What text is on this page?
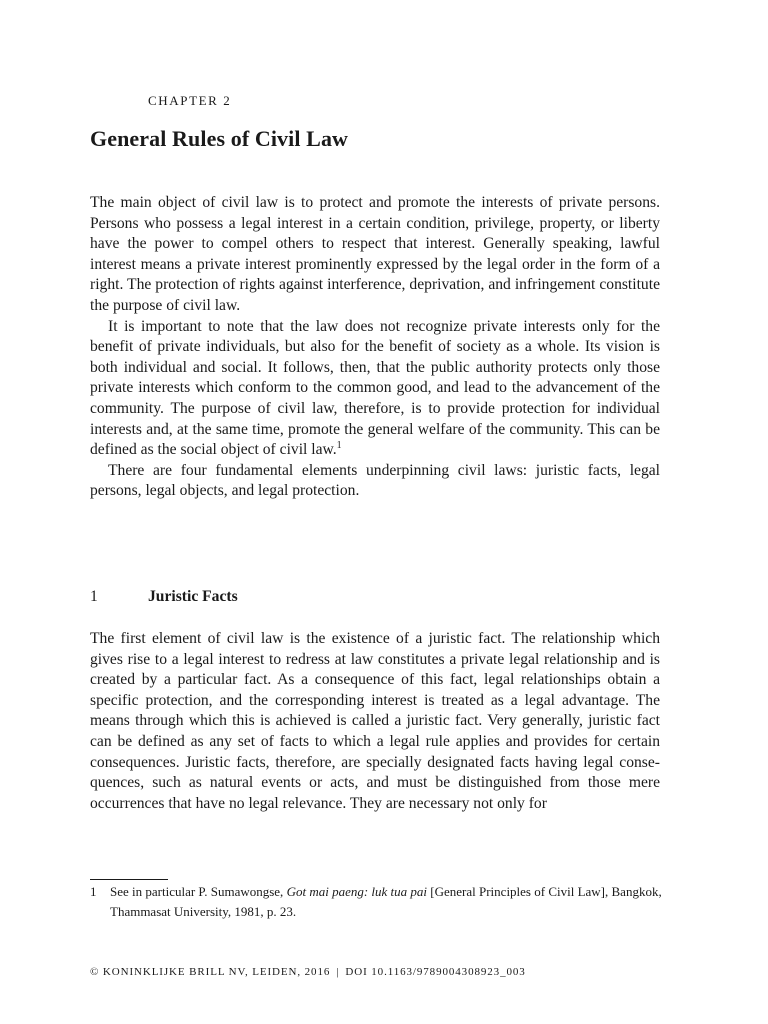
CHAPTER 2
General Rules of Civil Law

The main object of civil law is to protect and promote the interests of private persons. Persons who possess a legal interest in a certain condition, privilege, property, or liberty have the power to compel others to respect that interest. Generally speaking, lawful interest means a private interest prominently expressed by the legal order in the form of a right. The protection of rights against interference, deprivation, and infringement constitute the purpose of civil law.

It is important to note that the law does not recognize private interests only for the benefit of private individuals, but also for the benefit of society as a whole. Its vision is both individual and social. It follows, then, that the public authority protects only those private interests which conform to the common good, and lead to the advancement of the community. The purpose of civil law, therefore, is to provide protection for individual interests and, at the same time, promote the general welfare of the community. This can be defined as the social object of civil law.$^1$

There are four fundamental elements underpinning civil laws: juristic facts, legal persons, legal objects, and legal protection.

1	Juristic Facts

The first element of civil law is the existence of a juristic fact. The relationship which gives rise to a legal interest to redress at law constitutes a private legal relationship and is created by a particular fact. As a consequence of this fact, legal relationships obtain a specific protection, and the corresponding interest is treated as a legal advantage. The means through which this is achieved is called a juristic fact. Very generally, juristic fact can be defined as any set of facts to which a legal rule applies and provides for certain consequences. Juristic facts, therefore, are specially designated facts having legal consequences, such as natural events or acts, and must be distinguished from those mere occurrences that have no legal relevance. They are necessary not only for

1 See in particular P. Sumawongse, Got mai paeng: luk tua pai [General Principles of Civil Law], Bangkok, Thammasat University, 1981, p. 23.
© KONINKLIJKE BRILL NV, LEIDEN, 2016 | DOI 10.1163/9789004308923_003
